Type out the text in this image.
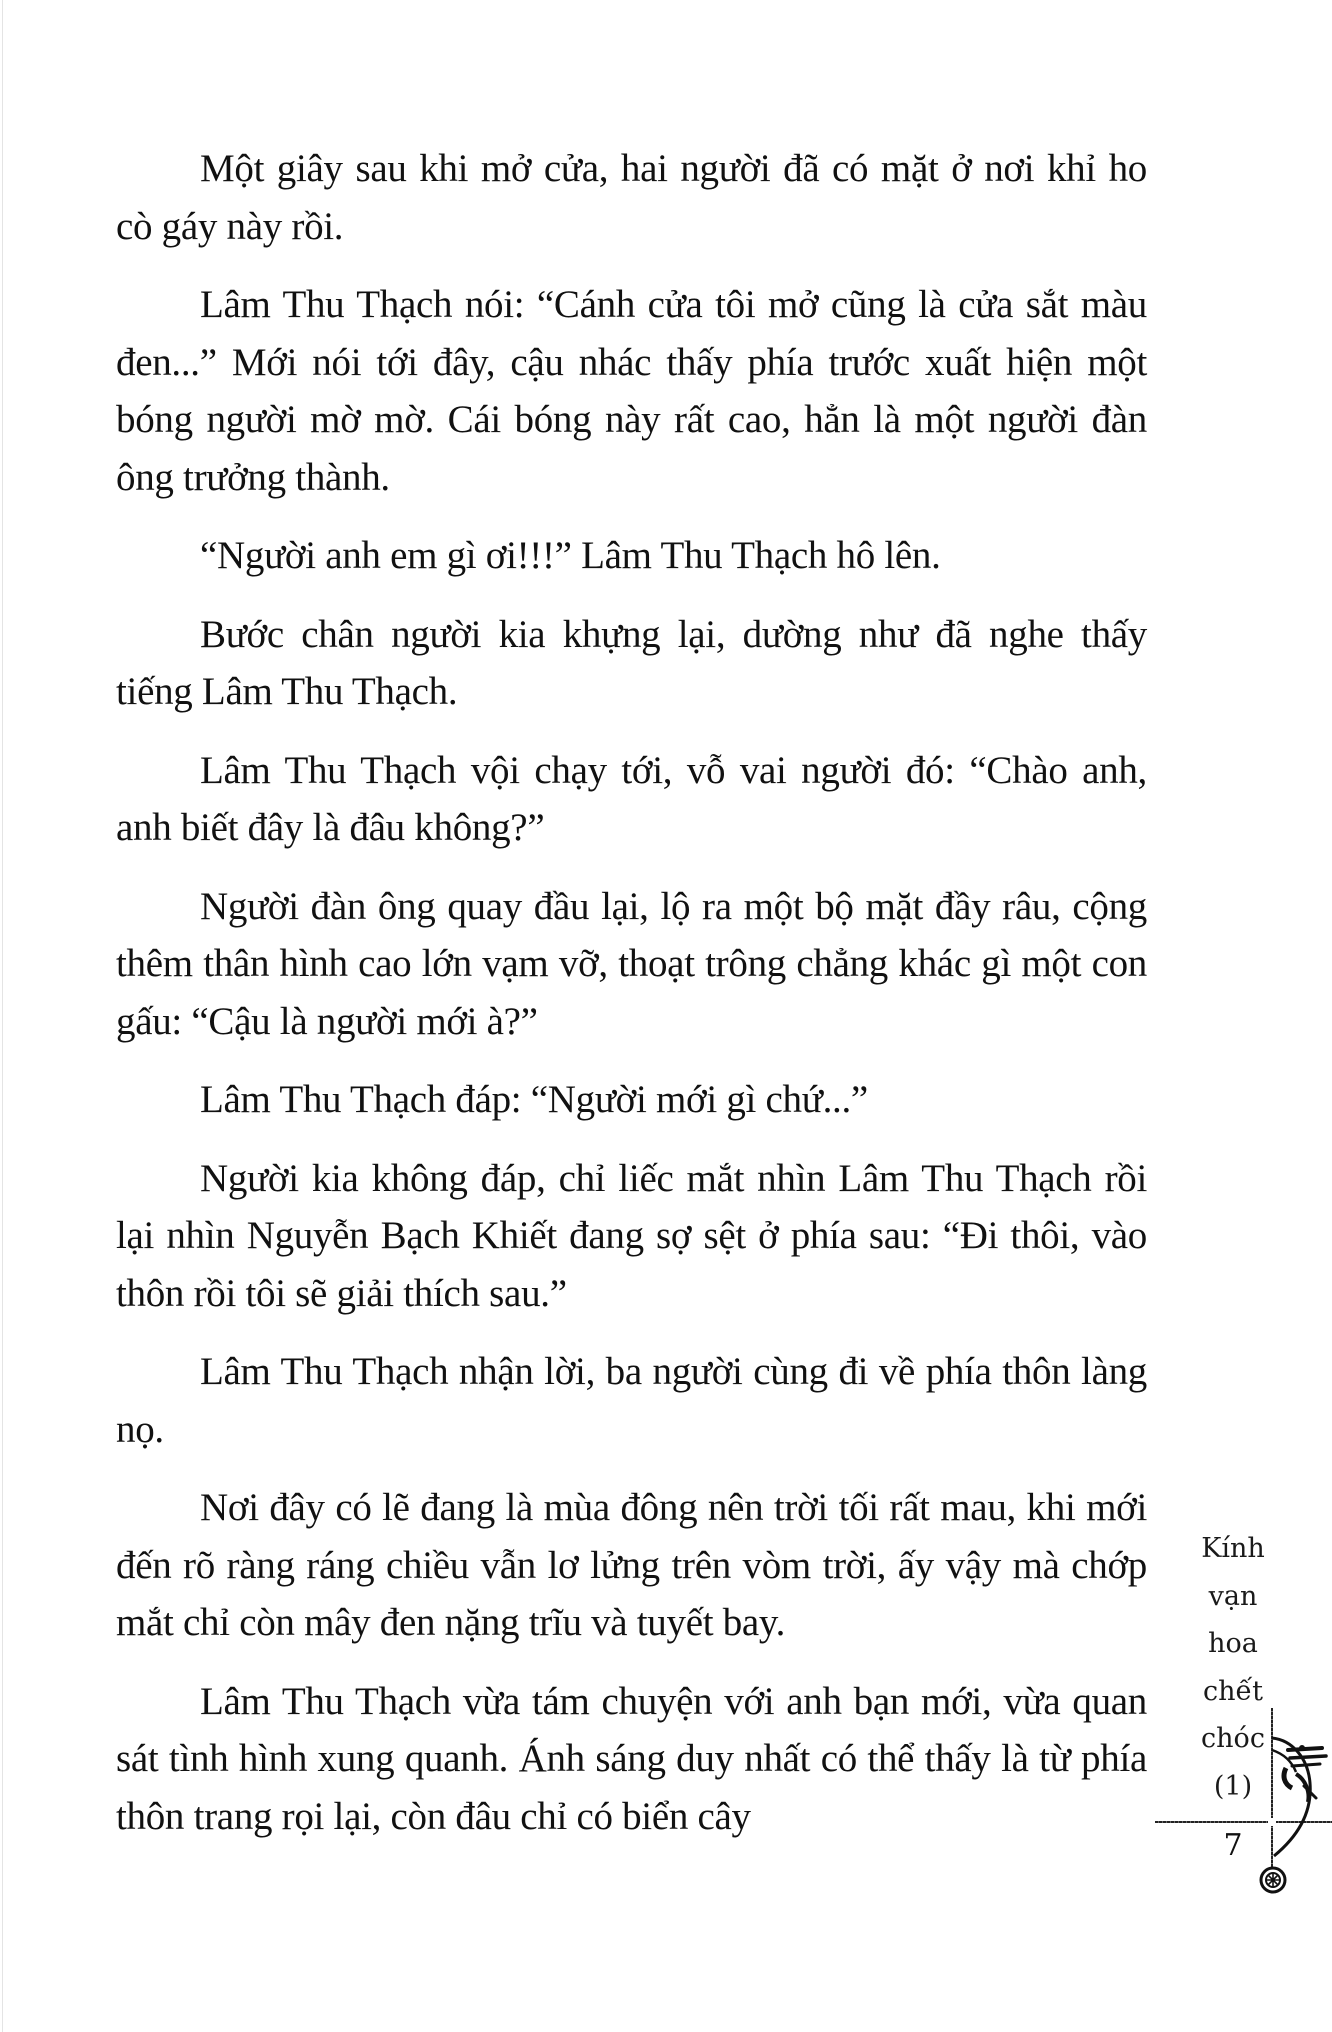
Một giây sau khi mở cửa, hai người đã có mặt ở nơi khỉ ho cò gáy này rồi.

Lâm Thu Thạch nói: “Cánh cửa tôi mở cũng là cửa sắt màu đen...” Mới nói tới đây, cậu nhác thấy phía trước xuất hiện một bóng người mờ mờ. Cái bóng này rất cao, hẳn là một người đàn ông trưởng thành.

“Người anh em gì ơi!!!” Lâm Thu Thạch hô lên.

Bước chân người kia khựng lại, dường như đã nghe thấy tiếng Lâm Thu Thạch.

Lâm Thu Thạch vội chạy tới, vỗ vai người đó: “Chào anh, anh biết đây là đâu không?”

Người đàn ông quay đầu lại, lộ ra một bộ mặt đầy râu, cộng thêm thân hình cao lớn vạm vỡ, thoạt trông chẳng khác gì một con gấu: “Cậu là người mới à?”

Lâm Thu Thạch đáp: “Người mới gì chứ...”

Người kia không đáp, chỉ liếc mắt nhìn Lâm Thu Thạch rồi lại nhìn Nguyễn Bạch Khiết đang sợ sệt ở phía sau: “Đi thôi, vào thôn rồi tôi sẽ giải thích sau.”

Lâm Thu Thạch nhận lời, ba người cùng đi về phía thôn làng nọ.

Nơi đây có lẽ đang là mùa đông nên trời tối rất mau, khi mới đến rõ ràng ráng chiều vẫn lơ lửng trên vòm trời, ấy vậy mà chớp mắt chỉ còn mây đen nặng trĩu và tuyết bay.

Lâm Thu Thạch vừa tám chuyện với anh bạn mới, vừa quan sát tình hình xung quanh. Ánh sáng duy nhất có thể thấy là từ phía thôn trang rọi lại, còn đâu chỉ có biển cây

Kính
vạn
hoa
chết
chóc
(1)
7
